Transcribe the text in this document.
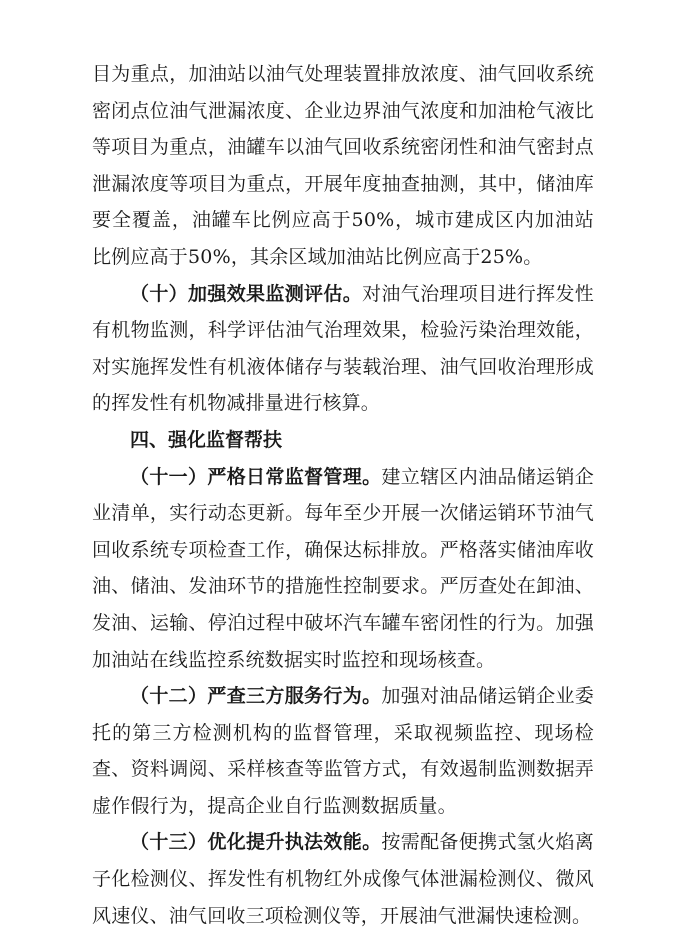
目为重点，加油站以油气处理装置排放浓度、油气回收系统密闭点位油气泄漏浓度、企业边界油气浓度和加油枪气液比等项目为重点，油罐车以油气回收系统密闭性和油气密封点泄漏浓度等项目为重点，开展年度抽查抽测，其中，储油库要全覆盖，油罐车比例应高于50%，城市建成区内加油站比例应高于50%，其余区域加油站比例应高于25%。

（十）加强效果监测评估。对油气治理项目进行挥发性有机物监测，科学评估油气治理效果，检验污染治理效能，对实施挥发性有机液体储存与装载治理、油气回收治理形成的挥发性有机物减排量进行核算。

四、强化监督帮扶

（十一）严格日常监督管理。建立辖区内油品储运销企业清单，实行动态更新。每年至少开展一次储运销环节油气回收系统专项检查工作，确保达标排放。严格落实储油库收油、储油、发油环节的措施性控制要求。严厉查处在卸油、发油、运输、停泊过程中破坏汽车罐车密闭性的行为。加强加油站在线监控系统数据实时监控和现场核查。

（十二）严查三方服务行为。加强对油品储运销企业委托的第三方检测机构的监督管理，采取视频监控、现场检查、资料调阅、采样核查等监管方式，有效遏制监测数据弄虚作假行为，提高企业自行监测数据质量。

（十三）优化提升执法效能。按需配备便携式氢火焰离子化检测仪、挥发性有机物红外成像气体泄漏检测仪、微风风速仪、油气回收三项检测仪等，开展油气泄漏快速检测。
